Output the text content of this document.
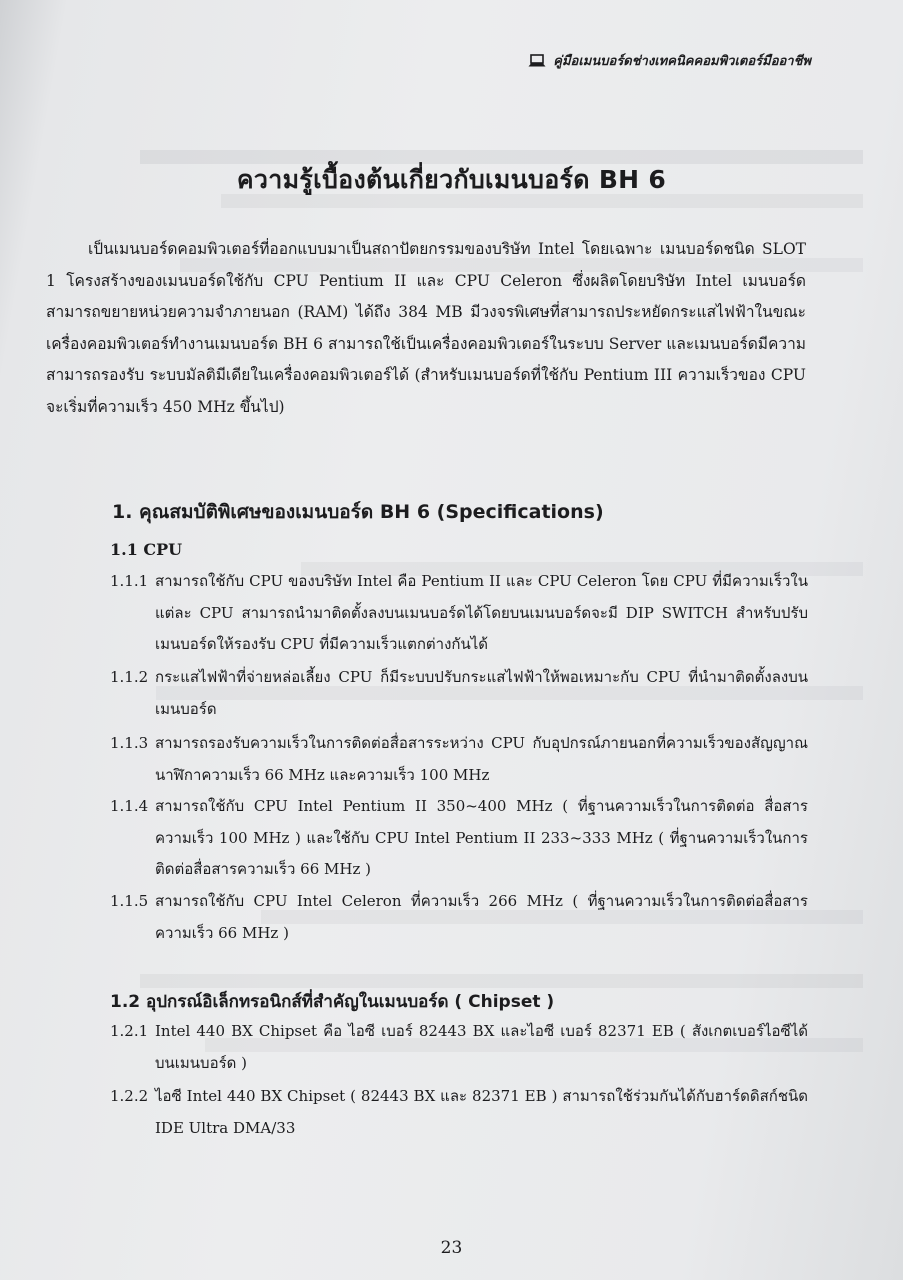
คู่มือเมนบอร์ดช่างเทคนิคคอมพิวเตอร์มืออาชีพ
ความรู้เบื้องต้นเกี่ยวกับเมนบอร์ด BH 6

เป็นเมนบอร์ดคอมพิวเตอร์ที่ออกแบบมาเป็นสถาปัตยกรรมของบริษัท Intel โดยเฉพาะ เมนบอร์ดชนิด SLOT 1 โครงสร้างของเมนบอร์ดใช้กับ CPU Pentium II และ CPU Celeron ซึ่งผลิตโดยบริษัท Intel เมนบอร์ดสามารถขยายหน่วยความจำภายนอก (RAM) ได้ถึง 384 MB มีวงจรพิเศษที่สามารถประหยัดกระแสไฟฟ้าในขณะเครื่องคอมพิวเตอร์ทำงานเมนบอร์ด BH 6 สามารถใช้เป็นเครื่องคอมพิวเตอร์ในระบบ Server และเมนบอร์ดมีความสามารถรองรับ ระบบมัลติมีเดียในเครื่องคอมพิวเตอร์ได้ (สำหรับเมนบอร์ดที่ใช้กับ Pentium III ความเร็วของ CPU จะเริ่มที่ความเร็ว 450 MHz ขึ้นไป)

1. คุณสมบัติพิเศษของเมนบอร์ด BH 6 (Specifications)
1.1 CPU
1.1.1 สามารถใช้กับ CPU ของบริษัท Intel คือ Pentium II และ CPU Celeron โดย CPU ที่มีความเร็วในแต่ละ CPU สามารถนำมาติดตั้งลงบนเมนบอร์ดได้โดยบนเมนบอร์ดจะมี DIP SWITCH สำหรับปรับเมนบอร์ดให้รองรับ CPU ที่มีความเร็วแตกต่างกันได้
1.1.2 กระแสไฟฟ้าที่จ่ายหล่อเลี้ยง CPU ก็มีระบบปรับกระแสไฟฟ้าให้พอเหมาะกับ CPU ที่นำมาติดตั้งลงบนเมนบอร์ด
1.1.3 สามารถรองรับความเร็วในการติดต่อสื่อสารระหว่าง CPU กับอุปกรณ์ภายนอกที่ความเร็วของสัญญาณนาฬิกาความเร็ว 66 MHz และความเร็ว 100 MHz
1.1.4 สามารถใช้กับ CPU Intel Pentium II 350~400 MHz ( ที่ฐานความเร็วในการติดต่อ สื่อสารความเร็ว 100 MHz ) และใช้กับ CPU Intel Pentium II 233~333 MHz ( ที่ฐานความเร็วในการติดต่อสื่อสารความเร็ว 66 MHz )
1.1.5 สามารถใช้กับ CPU Intel Celeron ที่ความเร็ว 266 MHz ( ที่ฐานความเร็วในการติดต่อสื่อสาร ความเร็ว 66 MHz )
1.2 อุปกรณ์อิเล็กทรอนิกส์ที่สำคัญในเมนบอร์ด ( Chipset )
1.2.1 Intel 440 BX Chipset คือ ไอซี เบอร์ 82443 BX และไอซี เบอร์ 82371 EB ( สังเกตเบอร์ไอซีได้บนเมนบอร์ด )
1.2.2 ไอซี Intel 440 BX Chipset ( 82443 BX และ 82371 EB ) สามารถใช้ร่วมกันได้กับฮาร์ดดิสก์ชนิด IDE Ultra DMA/33
23
